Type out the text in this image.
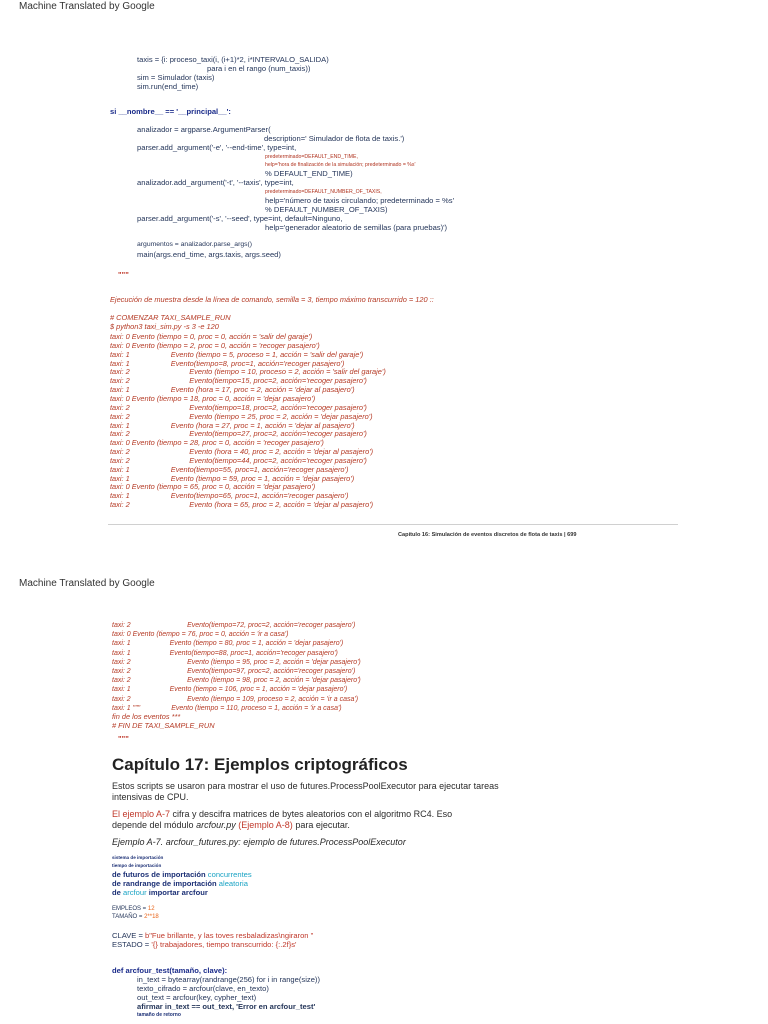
Machine Translated by Google
taxis = {i: proceso_taxi(i, (i+1)*2, i*INTERVALO_SALIDA)
para i en el rango (num_taxis))
sim = Simulador (taxis)
sim.run(end_time)
si __nombre__ == '__principal__':
analizador = argparse.ArgumentParser(
description=' Simulador de flota de taxis.')
parser.add_argument('-e', '--end-time', type=int,
predeterminado=DEFAULT_END_TIME,
help='hora de finalización de la simulación; predeterminado = %s'
% DEFAULT_END_TIME)
analizador.add_argument('-t', '--taxis', type=int,
predeterminado=DEFAULT_NUMBER_OF_TAXIS,
help='número de taxis circulando; predeterminado = %s'
% DEFAULT_NUMBER_OF_TAXIS)
parser.add_argument('-s', '--seed', type=int, default=Ninguno,
help='generador aleatorio de semillas (para pruebas)')
argumentos = analizador.parse_args()
main(args.end_time, args.taxis, args.seed)
"""
Ejecución de muestra desde la línea de comando, semilla = 3, tiempo máximo transcurrido = 120 ::
# COMENZAR TAXI_SAMPLE_RUN
$ python3 taxi_sim.py -s 3 -e 120
taxi: 0 Evento (tiempo = 0, proc = 0, acción = 'salir del garaje')
taxi: 0 Evento (tiempo = 2, proc = 0, acción = 'recoger pasajero')
taxi: 1                    Evento (tiempo = 5, proceso = 1, acción = 'salir del garaje')
taxi: 1                    Evento(tiempo=8, proc=1, acción='recoger pasajero')
taxi: 2                             Evento (tiempo = 10, proceso = 2, acción = 'salir del garaje')
taxi: 2                             Evento(tiempo=15, proc=2, acción='recoger pasajero')
taxi: 1                    Evento (hora = 17, proc = 2, acción = 'dejar al pasajero')
taxi: 0 Evento (tiempo = 18, proc = 0, acción = 'dejar pasajero')
taxi: 2                             Evento(tiempo=18, proc=2, acción='recoger pasajero')
taxi: 2                             Evento (tiempo = 25, proc = 2, acción = 'dejar pasajero')
taxi: 1                    Evento (hora = 27, proc = 1, acción = 'dejar al pasajero')
taxi: 2                             Evento(tiempo=27, proc=2, acción='recoger pasajero')
taxi: 0 Evento (tiempo = 28, proc = 0, acción = 'recoger pasajero')
taxi: 2                             Evento (hora = 40, proc = 2, acción = 'dejar al pasajero')
taxi: 2                             Evento(tiempo=44, proc=2, acción='recoger pasajero')
taxi: 1                    Evento(tiempo=55, proc=1, acción='recoger pasajero')
taxi: 1                    Evento (tiempo = 59, proc = 1, acción = 'dejar pasajero')
taxi: 0 Evento (tiempo = 65, proc = 0, acción = 'dejar pasajero')
taxi: 1                    Evento(tiempo=65, proc=1, acción='recoger pasajero')
taxi: 2                             Evento (hora = 65, proc = 2, acción = 'dejar al pasajero')
Capítulo 16: Simulación de eventos discretos de flota de taxis | 699
Machine Translated by Google
taxi: 2                             Evento(tiempo=72, proc=2, acción='recoger pasajero')
taxi: 0 Evento (tiempo = 76, proc = 0, acción = 'ir a casa')
taxi: 1                    Evento (tiempo = 80, proc = 1, acción = 'dejar pasajero')
taxi: 1                    Evento(tiempo=88, proc=1, acción='recoger pasajero')
taxi: 2                             Evento (tiempo = 95, proc = 2, acción = 'dejar pasajero')
taxi: 2                             Evento(tiempo=97, proc=2, acción='recoger pasajero')
taxi: 2                             Evento (tiempo = 98, proc = 2, acción = 'dejar pasajero')
taxi: 1                    Evento (tiempo = 106, proc = 1, acción = 'dejar pasajero')
taxi: 2                             Evento (tiempo = 109, proceso = 2, acción = 'ir a casa')
taxi: 1 """                Evento (tiempo = 110, proceso = 1, acción = 'ir a casa')
fin de los eventos ***
# FIN DE TAXI_SAMPLE_RUN
"""
Capítulo 17: Ejemplos criptográficos
Estos scripts se usaron para mostrar el uso de futures.ProcessPoolExecutor para ejecutar tareas
intensivas de CPU.
El ejemplo A-7 cifra y descifra matrices de bytes aleatorios con el algoritmo RC4. Eso
depende del módulo arcfour.py (Ejemplo A-8) para ejecutar.
Ejemplo A-7. arcfour_futures.py: ejemplo de futures.ProcessPoolExecutor
sistema de importación
tiempo de importación
de futuros de importación concurrentes
de randrange de importación aleatoria
de arcfour importar arcfour
EMPLEOS = 12
TAMAÑO = 2**18
CLAVE = b"Fue brillante, y las toves resbaladizas\ngiraron "
ESTADO = '{} trabajadores, tiempo transcurrido: {:.2f}s'
def arcfour_test(tamaño, clave):
in_text = bytearray(randrange(256) for i in range(size))
texto_cifrado = arcfour(clave, en_texto)
out_text = arcfour(key, cypher_text)
afirmar in_text == out_text, 'Error en arcfour_test'
tamaño de retorno
